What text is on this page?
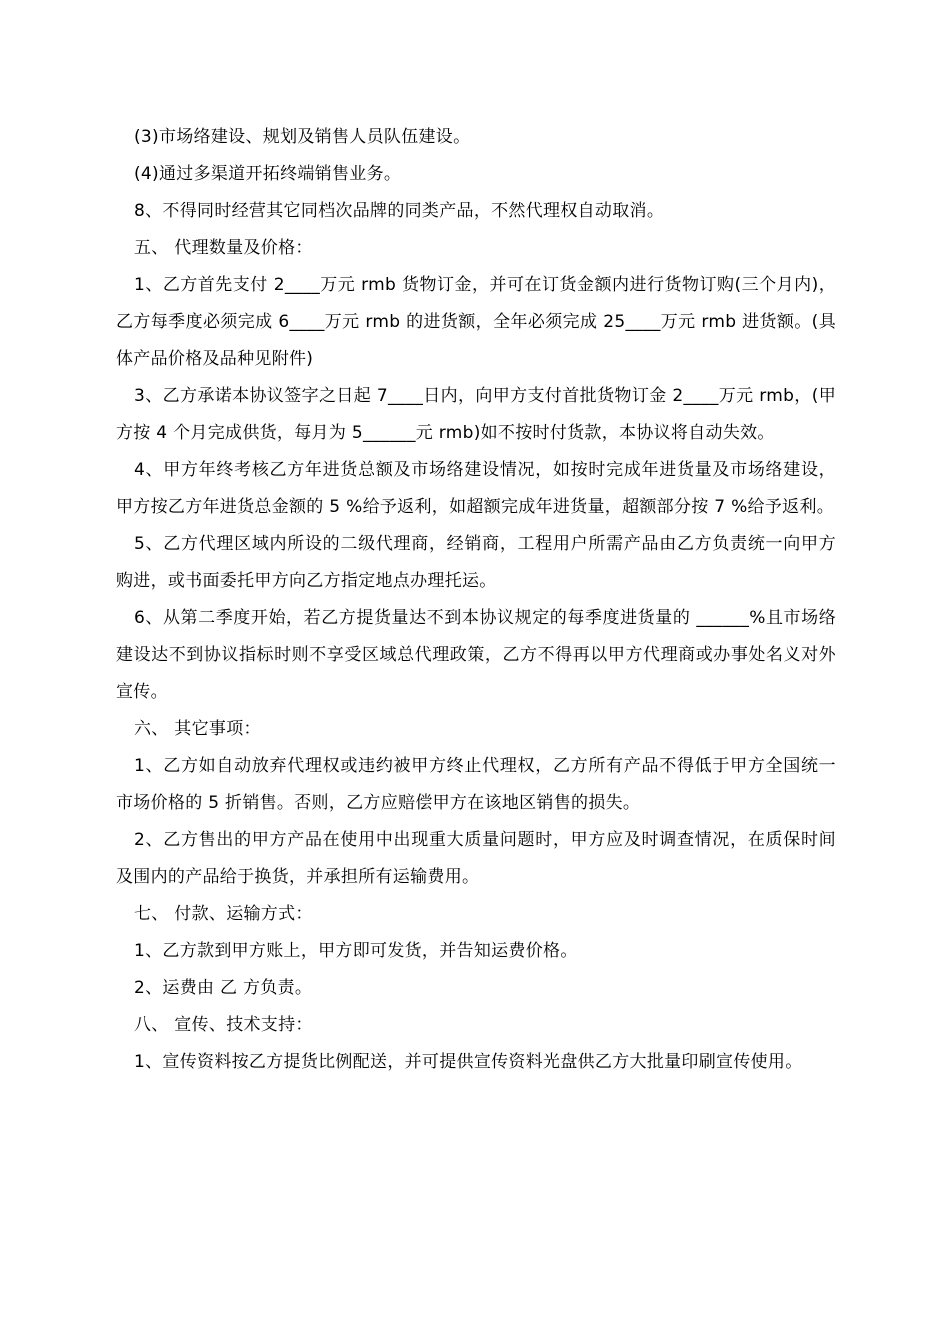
(3)市场络建设、规划及销售人员队伍建设。

(4)通过多渠道开拓终端销售业务。

8、不得同时经营其它同档次品牌的同类产品，不然代理权自动取消。

五、 代理数量及价格：

1、乙方首先支付 2____万元 rmb 货物订金，并可在订货金额内进行货物订购(三个月内)，乙方每季度必须完成 6____万元 rmb 的进货额，全年必须完成 25____万元 rmb 进货额。(具体产品价格及品种见附件)

3、乙方承诺本协议签字之日起 7____日内，向甲方支付首批货物订金 2____万元 rmb，(甲方按 4 个月完成供货，每月为 5______元 rmb)如不按时付货款，本协议将自动失效。

4、甲方年终考核乙方年进货总额及市场络建设情况，如按时完成年进货量及市场络建设，甲方按乙方年进货总金额的 5 %给予返利，如超额完成年进货量，超额部分按 7 %给予返利。

5、乙方代理区域内所设的二级代理商，经销商，工程用户所需产品由乙方负责统一向甲方购进，或书面委托甲方向乙方指定地点办理托运。

6、从第二季度开始，若乙方提货量达不到本协议规定的每季度进货量的 ______%且市场络建设达不到协议指标时则不享受区域总代理政策，乙方不得再以甲方代理商或办事处名义对外宣传。

六、 其它事项：

1、乙方如自动放弃代理权或违约被甲方终止代理权，乙方所有产品不得低于甲方全国统一市场价格的 5 折销售。否则，乙方应赔偿甲方在该地区销售的损失。

2、乙方售出的甲方产品在使用中出现重大质量问题时，甲方应及时调查情况，在质保时间及围内的产品给于换货，并承担所有运输费用。

七、 付款、运输方式：

1、乙方款到甲方账上，甲方即可发货，并告知运费价格。

2、运费由 乙 方负责。

八、 宣传、技术支持：

1、宣传资料按乙方提货比例配送，并可提供宣传资料光盘供乙方大批量印刷宣传使用。
